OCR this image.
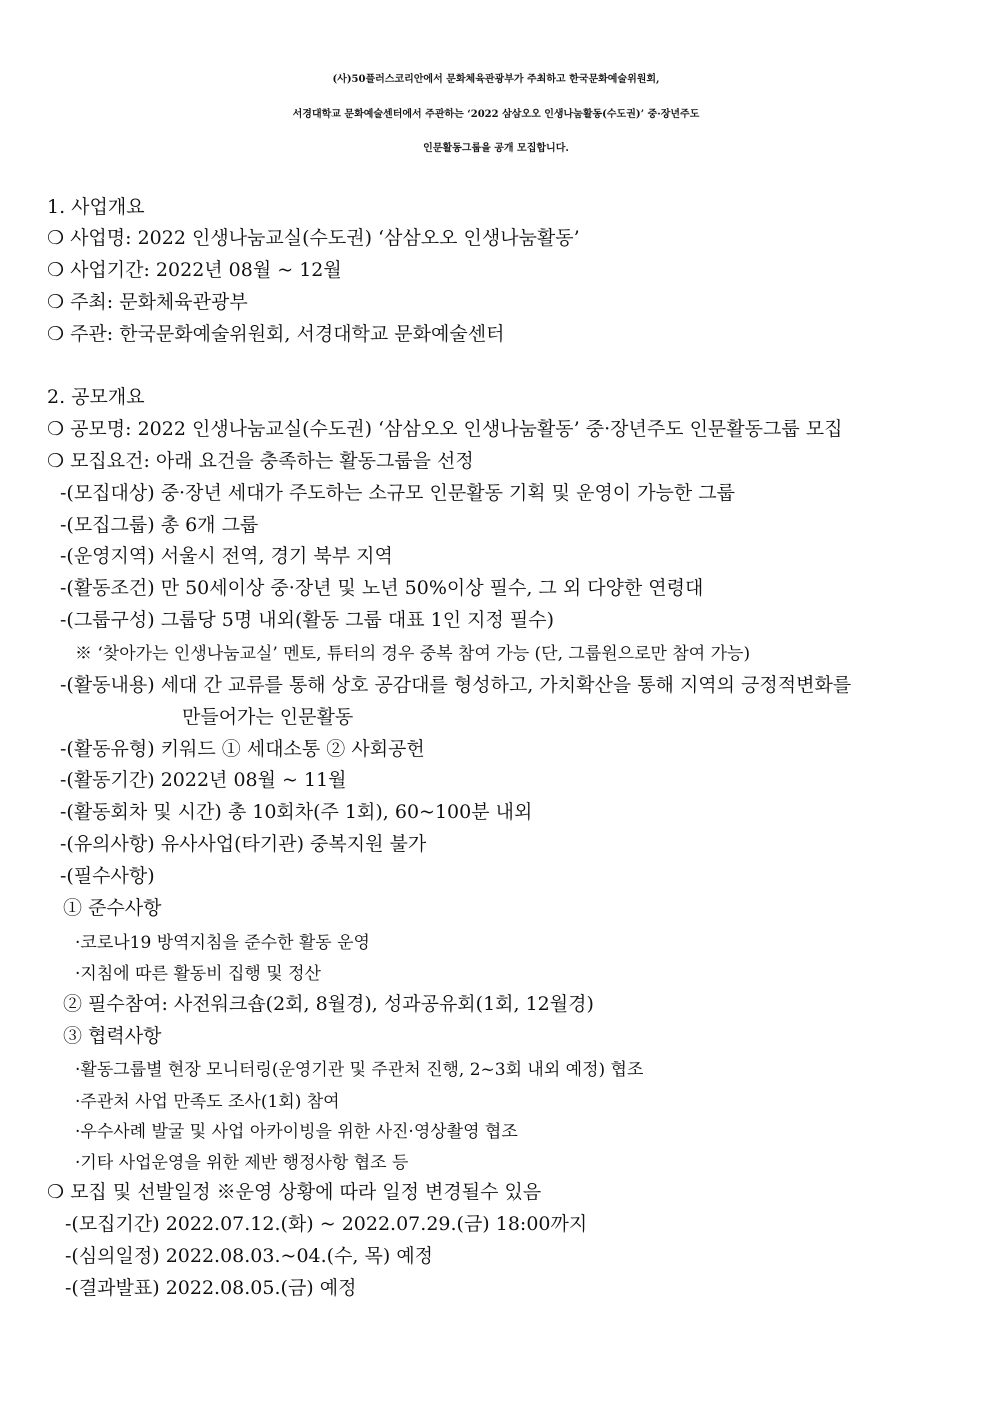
(사)50플러스코리안에서 문화체육관광부가 주최하고 한국문화예술위원회,
서경대학교 문화예술센터에서 주관하는 ‘2022 삼삼오오 인생나눔활동(수도권)’ 중·장년주도
인문활동그룹을 공개 모집합니다.
1. 사업개요
❍ 사업명: 2022 인생나눔교실(수도권) ‘삼삼오오 인생나눔활동’
❍ 사업기간: 2022년 08월 ~ 12월
❍ 주최: 문화체육관광부
❍ 주관: 한국문화예술위원회, 서경대학교 문화예술센터
2. 공모개요
❍ 공모명: 2022 인생나눔교실(수도권) ‘삼삼오오 인생나눔활동’ 중·장년주도 인문활동그룹 모집
❍ 모집요건: 아래 요건을 충족하는 활동그룹을 선정
-(모집대상) 중·장년 세대가 주도하는 소규모 인문활동 기획 및 운영이 가능한 그룹
-(모집그룹) 총 6개 그룹
-(운영지역) 서울시 전역, 경기 북부 지역
-(활동조건) 만 50세이상 중·장년 및 노년 50%이상 필수, 그 외 다양한 연령대
-(그룹구성) 그룹당 5명 내외(활동 그룹 대표 1인 지정 필수)
※ ‘찾아가는 인생나눔교실’ 멘토, 튜터의 경우 중복 참여 가능 (단, 그룹원으로만 참여 가능)
-(활동내용) 세대 간 교류를 통해 상호 공감대를 형성하고, 가치확산을 통해 지역의 긍정적변화를
만들어가는 인문활동
-(활동유형) 키워드 ① 세대소통 ② 사회공헌
-(활동기간) 2022년 08월 ~ 11월
-(활동회차 및 시간) 총 10회차(주 1회), 60~100분 내외
-(유의사항) 유사사업(타기관) 중복지원 불가
-(필수사항)
① 준수사항
·코로나19 방역지침을 준수한 활동 운영
·지침에 따른 활동비 집행 및 정산
② 필수참여: 사전워크숍(2회, 8월경), 성과공유회(1회, 12월경)
③ 협력사항
·활동그룹별 현장 모니터링(운영기관 및 주관처 진행, 2~3회 내외 예정) 협조
·주관처 사업 만족도 조사(1회) 참여
·우수사례 발굴 및 사업 아카이빙을 위한 사진·영상촬영 협조
·기타 사업운영을 위한 제반 행정사항 협조 등
❍ 모집 및 선발일정 ※운영 상황에 따라 일정 변경될수 있음
-(모집기간) 2022.07.12.(화) ~ 2022.07.29.(금) 18:00까지
-(심의일정) 2022.08.03.~04.(수, 목) 예정
-(결과발표) 2022.08.05.(금) 예정
